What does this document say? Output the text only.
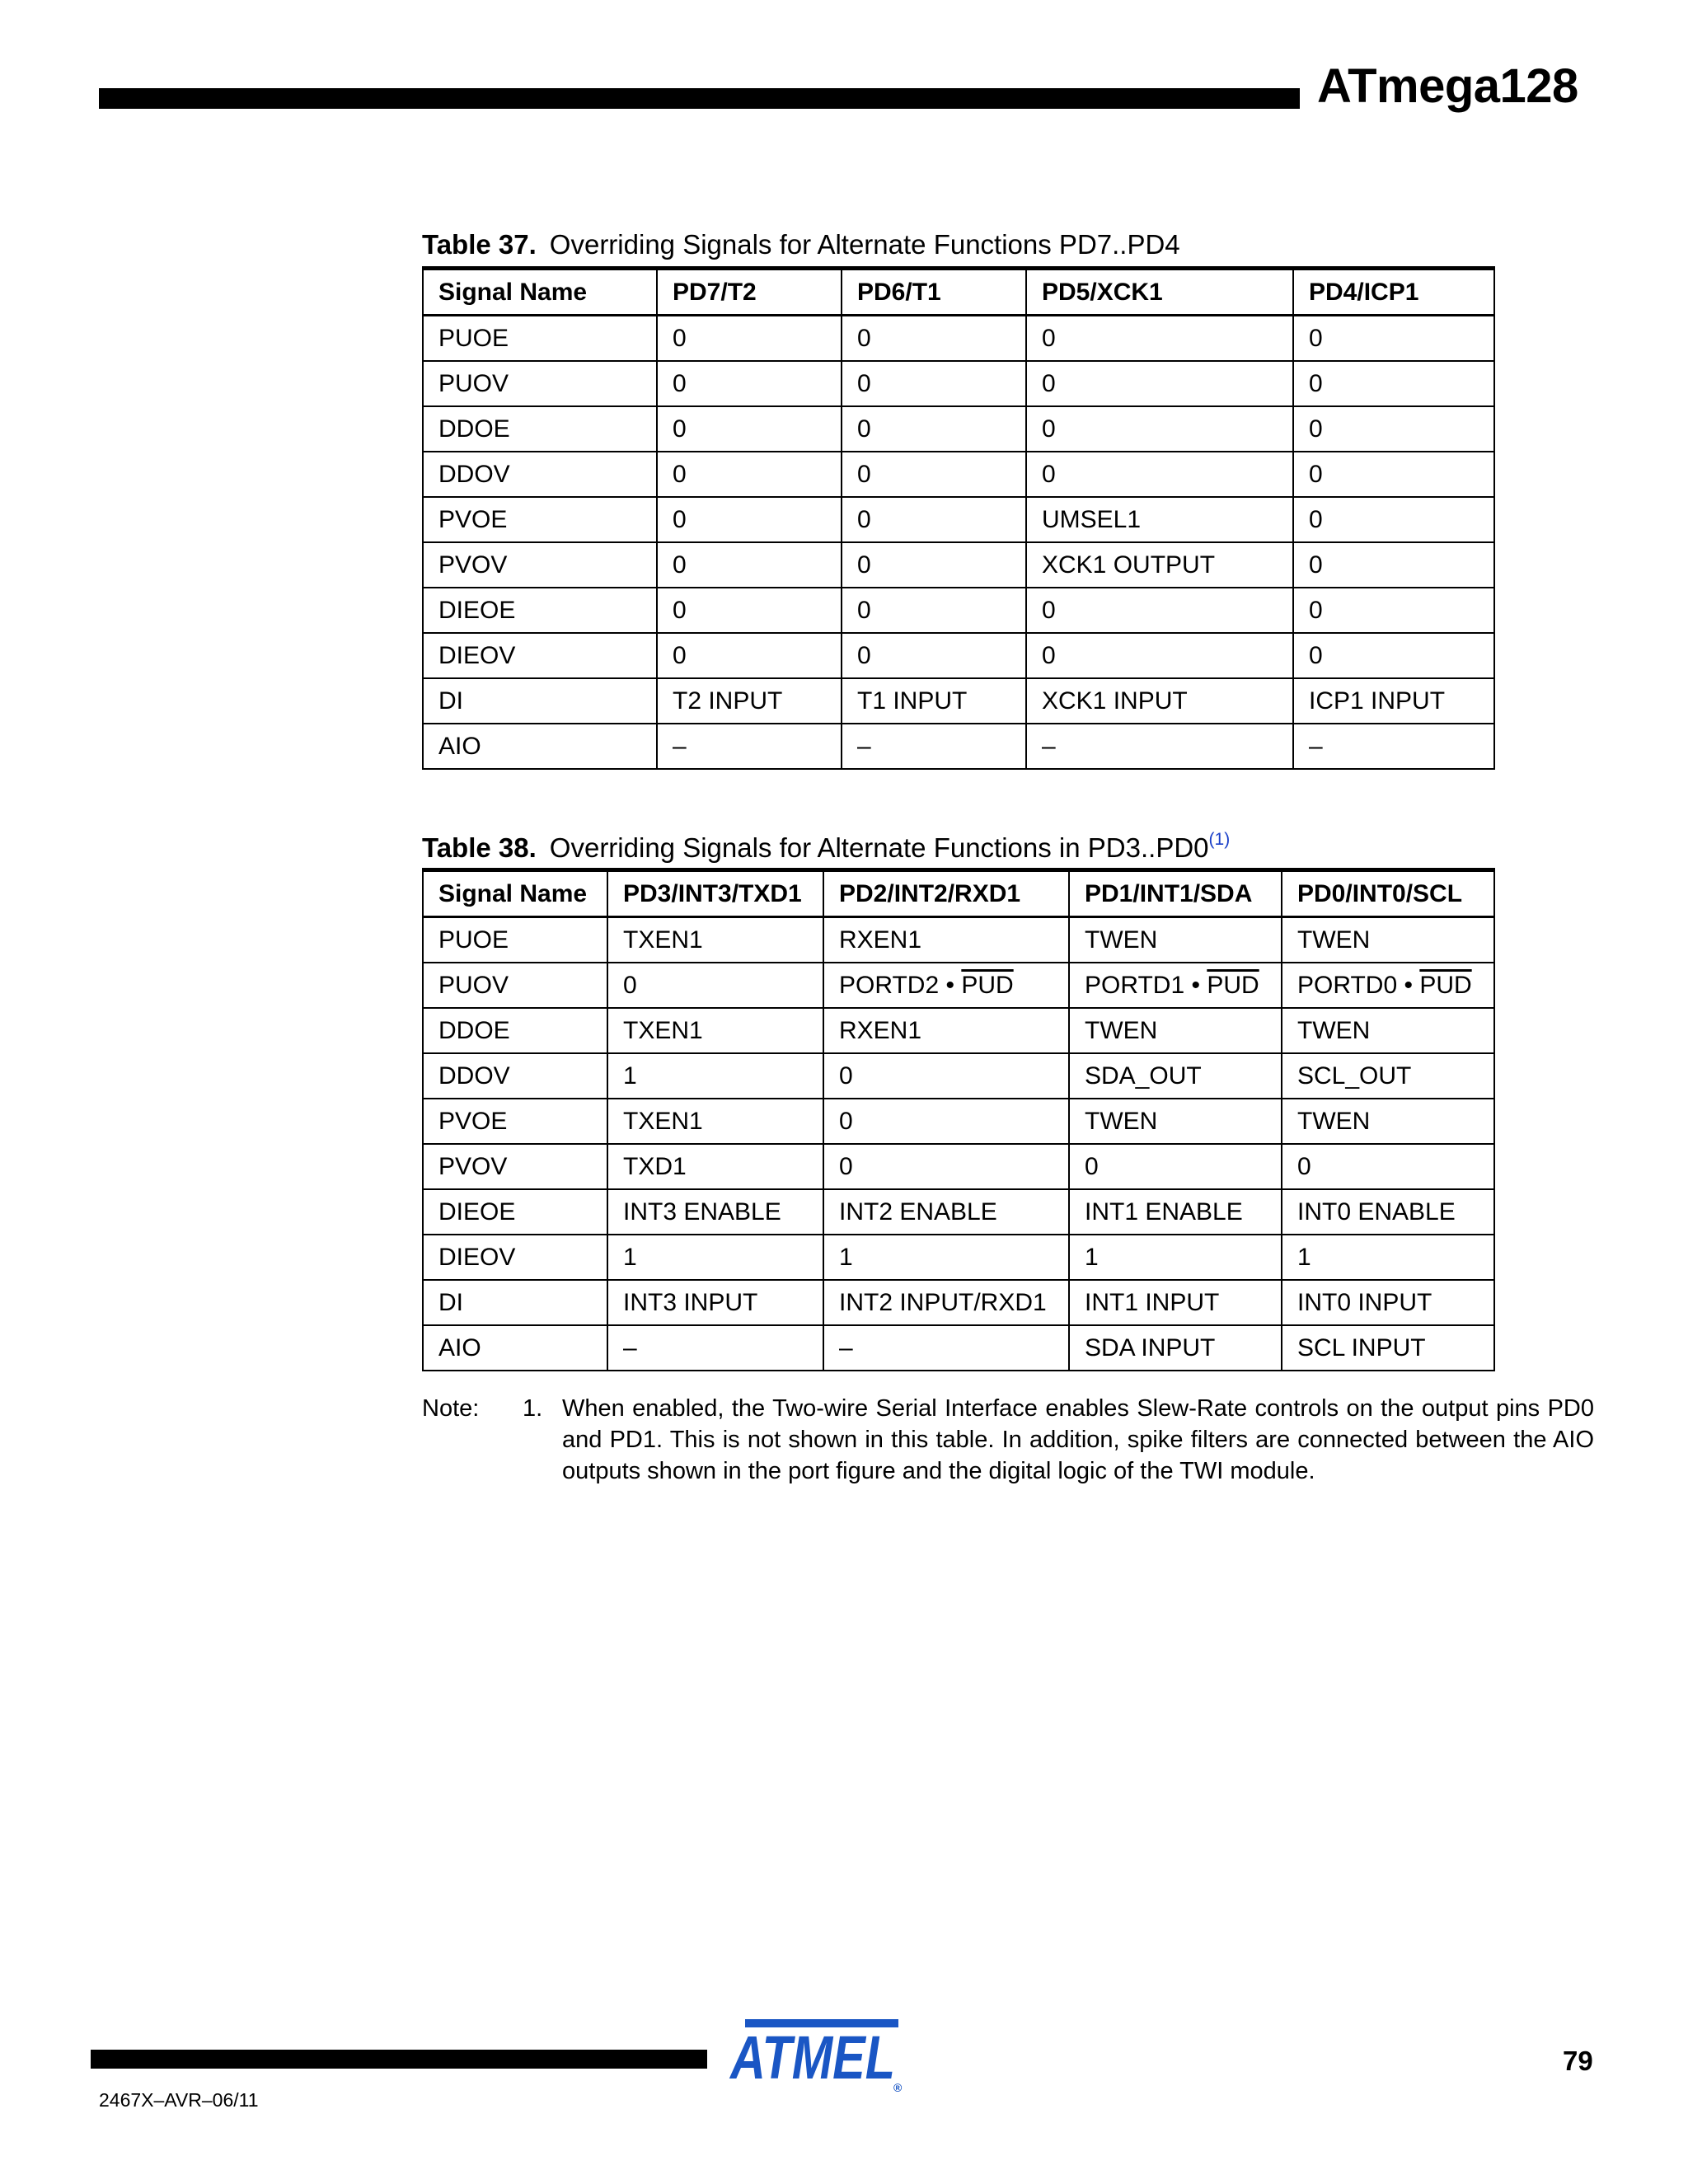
ATmega128
Table 37. Overriding Signals for Alternate Functions PD7..PD4
Signal Name	PD7/T2	PD6/T1	PD5/XCK1	PD4/ICP1
PUOE	0	0	0	0
PUOV	0	0	0	0
DDOE	0	0	0	0
DDOV	0	0	0	0
PVOE	0	0	UMSEL1	0
PVOV	0	0	XCK1 OUTPUT	0
DIEOE	0	0	0	0
DIEOV	0	0	0	0
DI	T2 INPUT	T1 INPUT	XCK1 INPUT	ICP1 INPUT
AIO	–	–	–	–
Table 38. Overriding Signals for Alternate Functions in PD3..PD0$^{(1)}$
Signal Name	PD3/INT3/TXD1	PD2/INT2/RXD1	PD1/INT1/SDA	PD0/INT0/SCL
PUOE	TXEN1	RXEN1	TWEN	TWEN
PUOV	0	PORTD2 • $\overline{PUD}$	PORTD1 • $\overline{PUD}$	PORTD0 • $\overline{PUD}$
DDOE	TXEN1	RXEN1	TWEN	TWEN
DDOV	1	0	SDA_OUT	SCL_OUT
PVOE	TXEN1	0	TWEN	TWEN
PVOV	TXD1	0	0	0
DIEOE	INT3 ENABLE	INT2 ENABLE	INT1 ENABLE	INT0 ENABLE
DIEOV	1	1	1	1
DI	INT3 INPUT	INT2 INPUT/RXD1	INT1 INPUT	INT0 INPUT
AIO	–	–	SDA INPUT	SCL INPUT
Note: 1. When enabled, the Two-wire Serial Interface enables Slew-Rate controls on the output pins PD0 and PD1. This is not shown in this table. In addition, spike filters are connected between the AIO outputs shown in the port figure and the digital logic of the TWI module.
2467X–AVR–06/11
79
ATMEL
®
